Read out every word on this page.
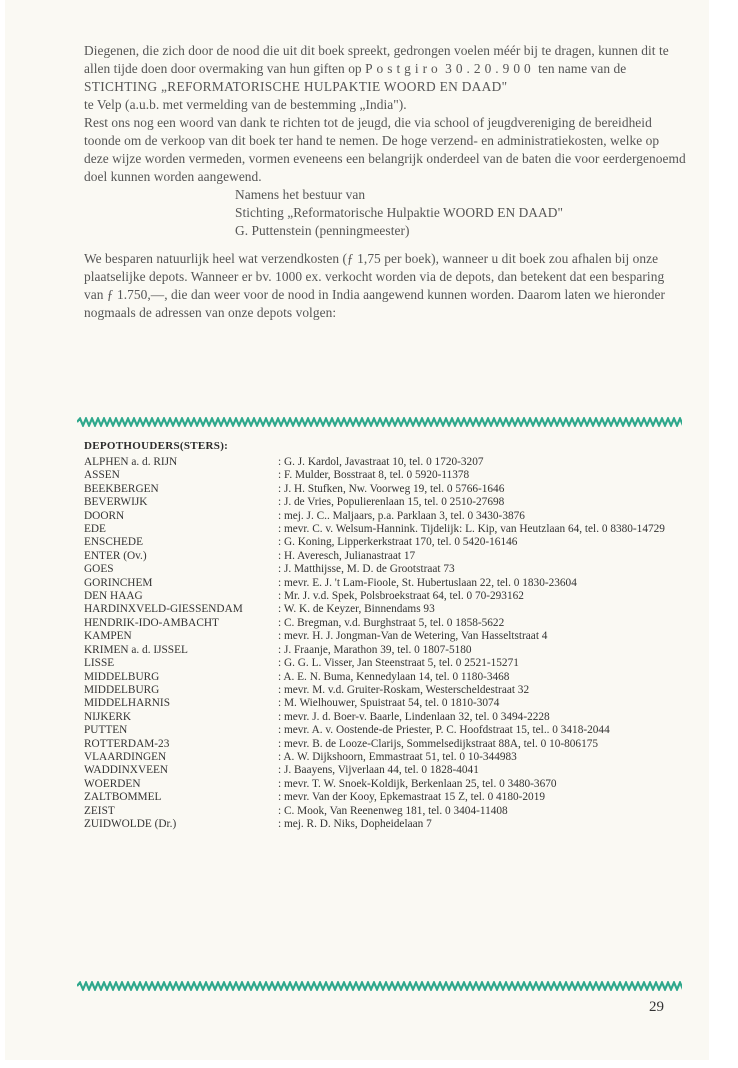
Diegenen, die zich door de nood die uit dit boek spreekt, gedrongen voelen méér bij te dragen, kunnen dit te allen tijde doen door overmaking van hun giften op Postgiro 30.20.900 ten name van de
STICHTING „REFORMATORISCHE HULPAKTIE WOORD EN DAAD"
te Velp (a.u.b. met vermelding van de bestemming „India").

Rest ons nog een woord van dank te richten tot de jeugd, die via school of jeugdvereniging de bereidheid toonde om de verkoop van dit boek ter hand te nemen. De hoge verzend- en administratiekosten, welke op deze wijze worden vermeden, vormen eveneens een belangrijk onderdeel van de baten die voor eerdergenoemd doel kunnen worden aangewend.

Namens het bestuur van

Stichting „Reformatorische Hulpaktie WOORD EN DAAD"

G. Puttenstein (penningmeester)

We besparen natuurlijk heel wat verzendkosten (ƒ 1,75 per boek), wanneer u dit boek zou afhalen bij onze plaatselijke depots. Wanneer er bv. 1000 ex. verkocht worden via de depots, dan betekent dat een besparing van ƒ 1.750,—, die dan weer voor de nood in India aangewend kunnen worden. Daarom laten we hieronder nogmaals de adressen van onze depots volgen:

DEPOTHOUDERS(STERS):
ALPHEN a. d. RIJN	: G. J. Kardol, Javastraat 10, tel. 0 1720-3207
ASSEN	: F. Mulder, Bosstraat 8, tel. 0 5920-11378
BEEKBERGEN	: J. H. Stufken, Nw. Voorweg 19, tel. 0 5766-1646
BEVERWIJK	: J. de Vries, Populierenlaan 15, tel. 0 2510-27698
DOORN	: mej. J. C.. Maljaars, p.a. Parklaan 3, tel. 0 3430-3876
EDE	: mevr. C. v. Welsum-Hannink. Tijdelijk: L. Kip, van Heutzlaan 64, tel. 0 8380-14729
ENSCHEDE	: G. Koning, Lipperkerkstraat 170, tel. 0 5420-16146
ENTER (Ov.)	: H. Averesch, Julianastraat 17
GOES	: J. Matthijsse, M. D. de Grootstraat 73
GORINCHEM	: mevr. E. J. 't Lam-Fioole, St. Hubertuslaan 22, tel. 0 1830-23604
DEN HAAG	: Mr. J. v.d. Spek, Polsbroekstraat 64, tel. 0 70-293162
HARDINXVELD-GIESSENDAM	: W. K. de Keyzer, Binnendams 93
HENDRIK-IDO-AMBACHT	: C. Bregman, v.d. Burghstraat 5, tel. 0 1858-5622
KAMPEN	: mevr. H. J. Jongman-Van de Wetering, Van Hasseltstraat 4
KRIMEN a. d. IJSSEL	: J. Fraanje, Marathon 39, tel. 0 1807-5180
LISSE	: G. G. L. Visser, Jan Steenstraat 5, tel. 0 2521-15271
MIDDELBURG	: A. E. N. Buma, Kennedylaan 14, tel. 0 1180-3468
MIDDELBURG	: mevr. M. v.d. Gruiter-Roskam, Westerscheldestraat 32
MIDDELHARNIS	: M. Wielhouwer, Spuistraat 54, tel. 0 1810-3074
NIJKERK	: mevr. J. d. Boer-v. Baarle, Lindenlaan 32, tel. 0 3494-2228
PUTTEN	: mevr. A. v. Oostende-de Priester, P. C. Hoofdstraat 15, tel.. 0 3418-2044
ROTTERDAM-23	: mevr. B. de Looze-Clarijs, Sommelsedijkstraat 88A, tel. 0 10-806175
VLAARDINGEN	: A. W. Dijkshoorn, Emmastraat 51, tel. 0 10-344983
WADDINXVEEN	: J. Baayens, Vijverlaan 44, tel. 0 1828-4041
WOERDEN	: mevr. T. W. Snoek-Koldijk, Berkenlaan 25, tel. 0 3480-3670
ZALTBOMMEL	: mevr. Van der Kooy, Epkemastraat 15 Z, tel. 0 4180-2019
ZEIST	: C. Mook, Van Reenenweg 181, tel. 0 3404-11408
ZUIDWOLDE (Dr.)	: mej. R. D. Niks, Dopheidelaan 7
29
